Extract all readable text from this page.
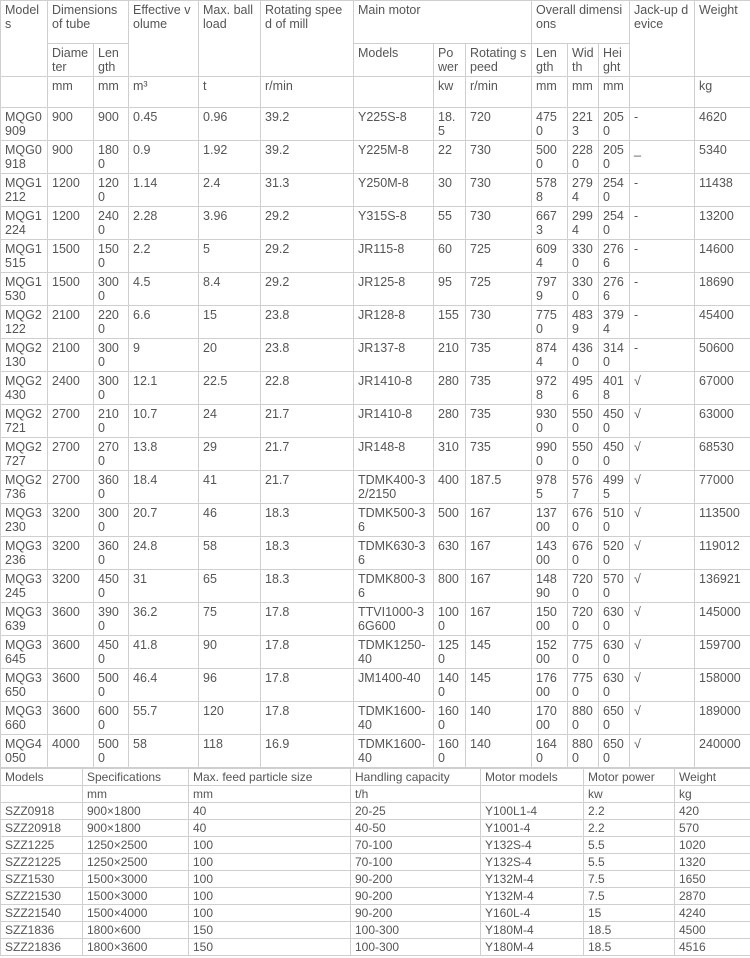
Models	Dimensions of tube		Effective volume	Max. ball load	Rotating speed of mill	Main motor			Overall dimensions			Jack-up device	Weight
	Diameter	Length				Models	Power	Rotating speed	Length	Width	Height		
	mm	mm	m³	t	r/min		kw	r/min	mm	mm	mm		kg
MQG0909	900	900	0.45	0.96	39.2	Y225S-8	18.5	720	4750	2213	2050	-	4620
MQG0918	900	1800	0.9	1.92	39.2	Y225M-8	22	730	5000	2280	2050	_	5340
MQG1212	1200	1200	1.14	2.4	31.3	Y250M-8	30	730	5788	2794	2540	-	11438
MQG1224	1200	2400	2.28	3.96	29.2	Y315S-8	55	730	6673	2994	2540	-	13200
MQG1515	1500	1500	2.2	5	29.2	JR115-8	60	725	6094	3300	2766	-	14600
MQG1530	1500	3000	4.5	8.4	29.2	JR125-8	95	725	7979	3300	2766	-	18690
MQG2122	2100	2200	6.6	15	23.8	JR128-8	155	730	7750	4839	3794	-	45400
MQG2130	2100	3000	9	20	23.8	JR137-8	210	735	8744	4360	3140	-	50600
MQG2430	2400	3000	12.1	22.5	22.8	JR1410-8	280	735	9728	4956	4018	√	67000
MQG2721	2700	2100	10.7	24	21.7	JR1410-8	280	735	9300	5500	4500	√	63000
MQG2727	2700	2700	13.8	29	21.7	JR148-8	310	735	9900	5500	4500	√	68530
MQG2736	2700	3600	18.4	41	21.7	TDMK400-32/2150	400	187.5	9785	5767	4995	√	77000
MQG3230	3200	3000	20.7	46	18.3	TDMK500-36	500	167	13700	6760	5100	√	113500
MQG3236	3200	3600	24.8	58	18.3	TDMK630-36	630	167	14300	6760	5200	√	119012
MQG3245	3200	4500	31	65	18.3	TDMK800-36	800	167	14890	7200	5700	√	136921
MQG3639	3600	3900	36.2	75	17.8	TTVI1000-36G600	1000	167	15000	7200	6300	√	145000
MQG3645	3600	4500	41.8	90	17.8	TDMK1250-40	1250	145	15200	7750	6300	√	159700
MQG3650	3600	5000	46.4	96	17.8	JM1400-40	1400	145	17600	7750	6300	√	158000
MQG3660	3600	6000	55.7	120	17.8	TDMK1600-40	1600	140	17000	8800	6500	√	189000
MQG4050	4000	5000	58	118	16.9	TDMK1600-40	1600	140	1640	8800	6500	√	240000
Models	Specifications	Max. feed particle size	Handling capacity	Motor models	Motor power	Weight
	mm	mm	t/h		kw	kg
SZZ0918	900×1800	40	20-25	Y100L1-4	2.2	420
SZZ20918	900×1800	40	40-50	Y1001-4	2.2	570
SZZ1225	1250×2500	100	70-100	Y132S-4	5.5	1020
SZZ21225	1250×2500	100	70-100	Y132S-4	5.5	1320
SZZ1530	1500×3000	100	90-200	Y132M-4	7.5	1650
SZZ21530	1500×3000	100	90-200	Y132M-4	7.5	2870
SZZ21540	1500×4000	100	90-200	Y160L-4	15	4240
SZZ1836	1800×600	150	100-300	Y180M-4	18.5	4500
SZZ21836	1800×3600	150	100-300	Y180M-4	18.5	4516
